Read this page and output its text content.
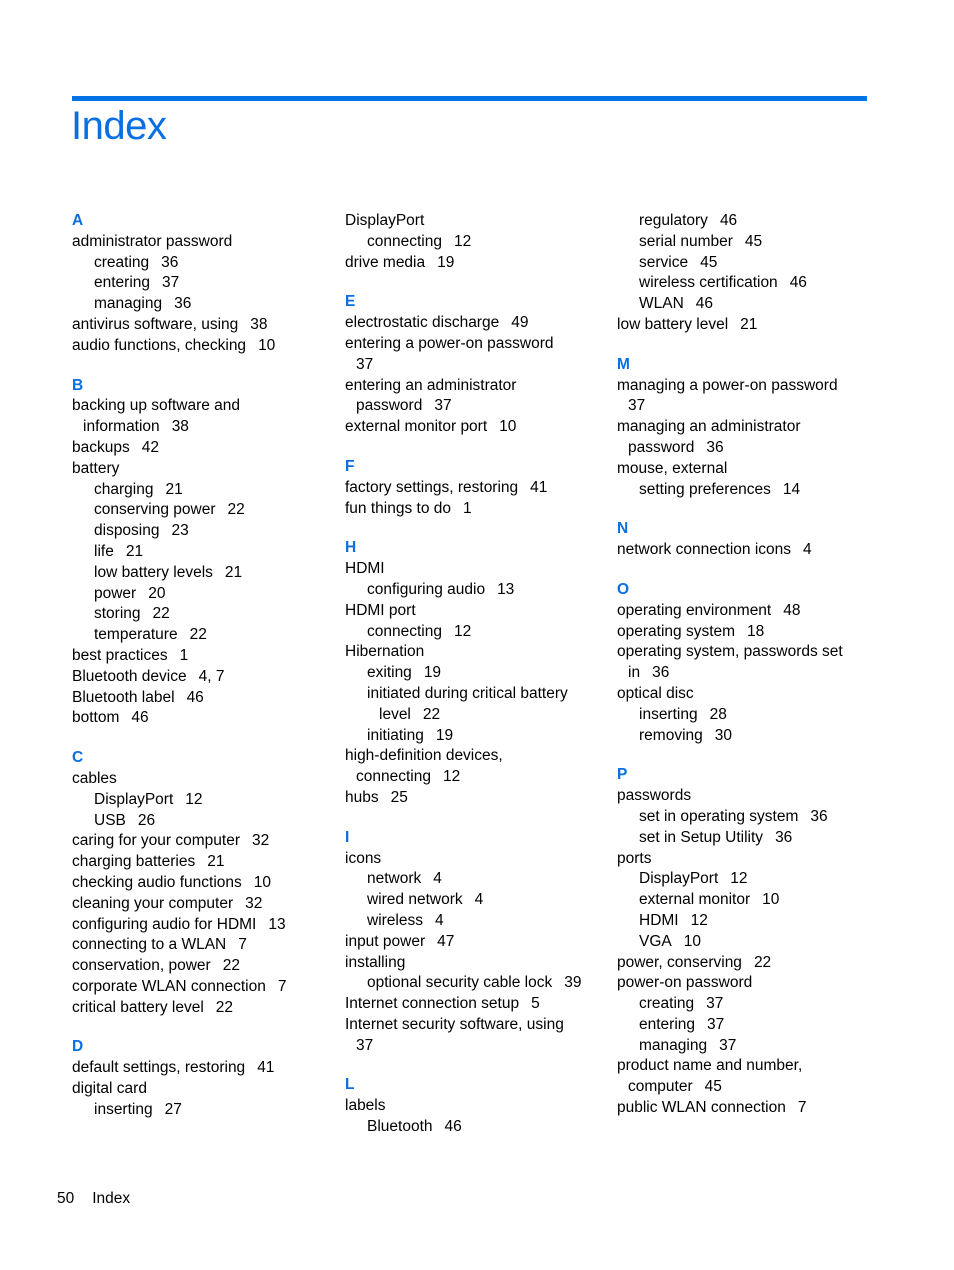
Index
A
administrator password
creating 36
entering 37
managing 36
antivirus software, using 38
audio functions, checking 10
B
backing up software and
information 38
backups 42
battery
charging 21
conserving power 22
disposing 23
life 21
low battery levels 21
power 20
storing 22
temperature 22
best practices 1
Bluetooth device 4, 7
Bluetooth label 46
bottom 46
C
cables
DisplayPort 12
USB 26
caring for your computer 32
charging batteries 21
checking audio functions 10
cleaning your computer 32
configuring audio for HDMI 13
connecting to a WLAN 7
conservation, power 22
corporate WLAN connection 7
critical battery level 22
D
default settings, restoring 41
digital card
inserting 27
DisplayPort
connecting 12
drive media 19
E
electrostatic discharge 49
entering a power-on password
37
entering an administrator
password 37
external monitor port 10
F
factory settings, restoring 41
fun things to do 1
H
HDMI
configuring audio 13
HDMI port
connecting 12
Hibernation
exiting 19
initiated during critical battery
level 22
initiating 19
high-definition devices,
connecting 12
hubs 25
I
icons
network 4
wired network 4
wireless 4
input power 47
installing
optional security cable lock 39
Internet connection setup 5
Internet security software, using
37
L
labels
Bluetooth 46
regulatory 46
serial number 45
service 45
wireless certification 46
WLAN 46
low battery level 21
M
managing a power-on password
37
managing an administrator
password 36
mouse, external
setting preferences 14
N
network connection icons 4
O
operating environment 48
operating system 18
operating system, passwords set
in 36
optical disc
inserting 28
removing 30
P
passwords
set in operating system 36
set in Setup Utility 36
ports
DisplayPort 12
external monitor 10
HDMI 12
VGA 10
power, conserving 22
power-on password
creating 37
entering 37
managing 37
product name and number,
computer 45
public WLAN connection 7
50 Index
